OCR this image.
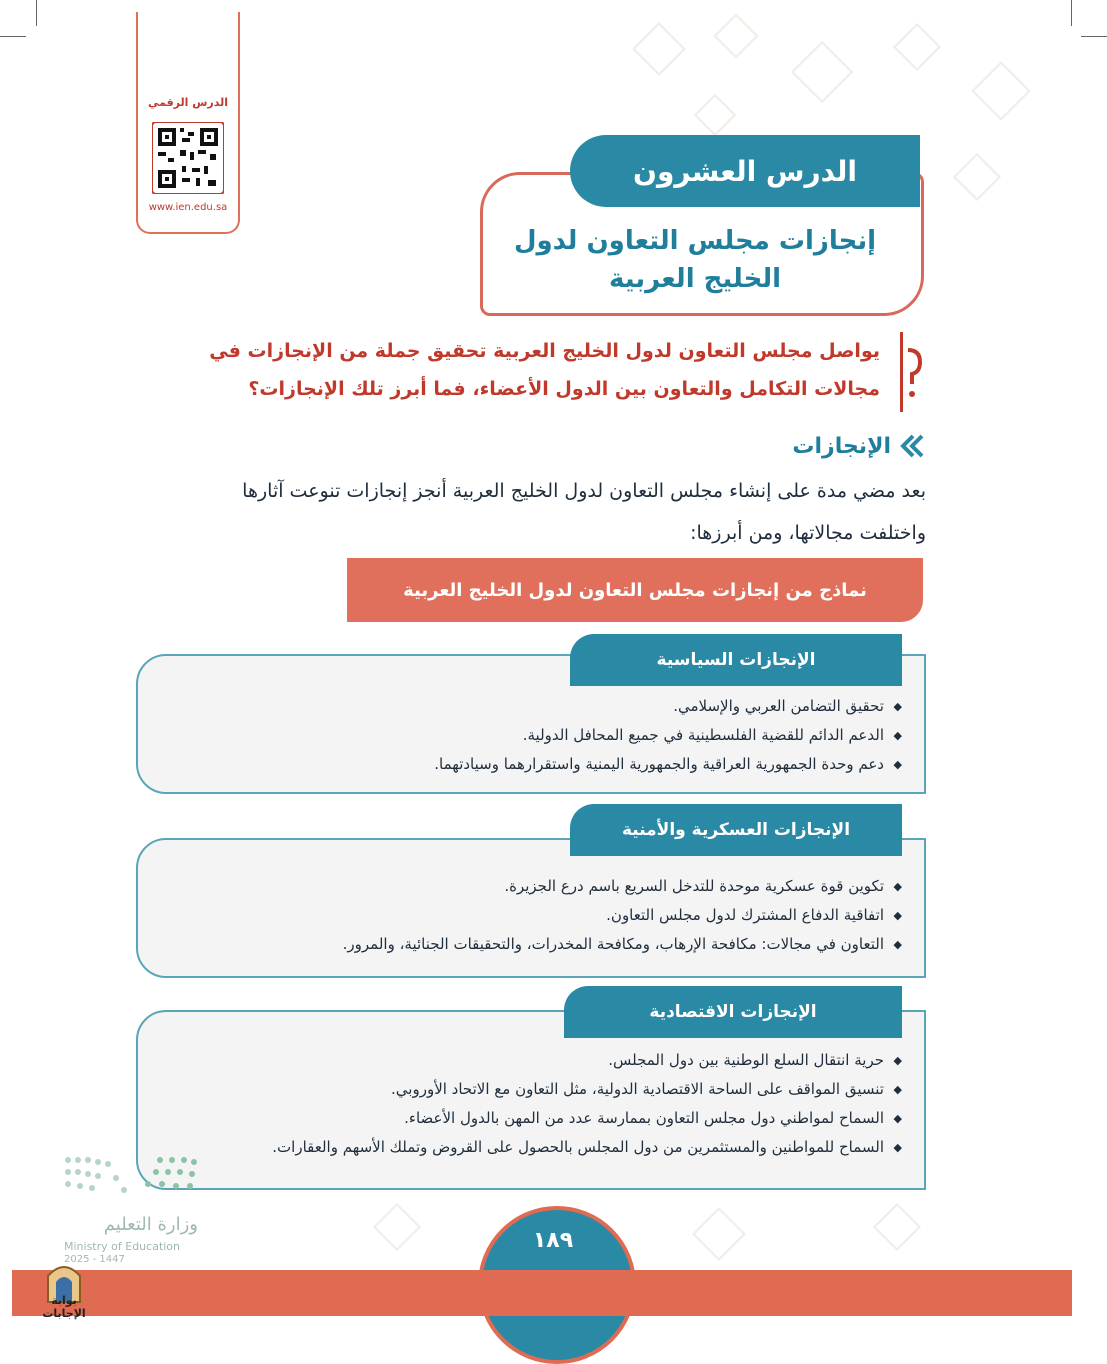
الدرس الرقمي
www.ien.edu.sa
الدرس العشرون
إنجازات مجلس التعاون لدول
الخليج العربية
يواصل مجلس التعاون لدول الخليج العربية تحقيق جملة من الإنجازات في
مجالات التكامل والتعاون بين الدول الأعضاء، فما أبرز تلك الإنجازات؟
الإنجازات
بعد مضي مدة على إنشاء مجلس التعاون لدول الخليج العربية أنجز إنجازات تنوعت آثارها
واختلفت مجالاتها، ومن أبرزها:
نماذج من إنجازات مجلس التعاون لدول الخليج العربية
◆ تحقيق التضامن العربي والإسلامي.
◆ الدعم الدائم للقضية الفلسطينية في جميع المحافل الدولية.
◆ دعم وحدة الجمهورية العراقية والجمهورية اليمنية واستقرارهما وسيادتهما.
الإنجازات السياسية
◆ تكوين قوة عسكرية موحدة للتدخل السريع باسم درع الجزيرة.
◆ اتفاقية الدفاع المشترك لدول مجلس التعاون.
◆ التعاون في مجالات: مكافحة الإرهاب، ومكافحة المخدرات، والتحقيقات الجنائية، والمرور.
الإنجازات العسكرية والأمنية
◆ حرية انتقال السلع الوطنية بين دول المجلس.
◆ تنسيق المواقف على الساحة الاقتصادية الدولية، مثل التعاون مع الاتحاد الأوروبي.
◆ السماح لمواطني دول مجلس التعاون بممارسة عدد من المهن بالدول الأعضاء.
◆ السماح للمواطنين والمستثمرين من دول المجلس بالحصول على القروض وتملك الأسهم والعقارات.
الإنجازات الاقتصادية
وزارة التعليم
Ministry of Education
2025 - 1447
١٨٩
بوابة الإجابات
